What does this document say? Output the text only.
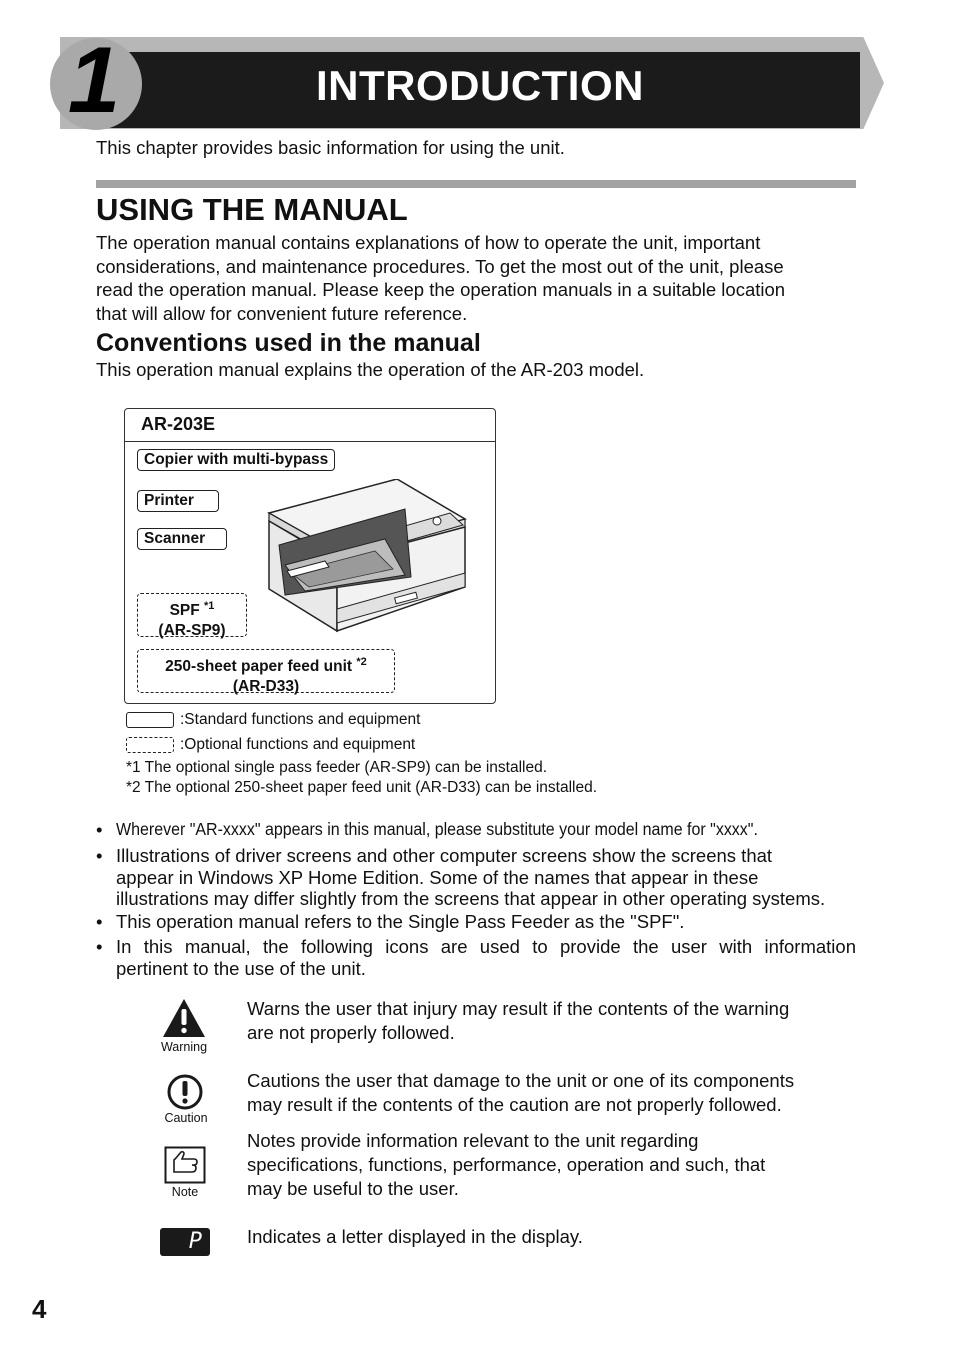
1	INTRODUCTION
This chapter provides basic information for using the unit.
USING THE MANUAL
The operation manual contains explanations of how to operate the unit, important
considerations, and maintenance procedures. To get the most out of the unit, please
read the operation manual. Please keep the operation manuals in a suitable location
that will allow for convenient future reference.
Conventions used in the manual
This operation manual explains the operation of the AR-203 model.
AR-203E
Copier with multi-bypass
Printer
Scanner
SPF $^{*1}$
(AR-SP9)
250-sheet paper feed unit $^{*2}$
(AR-D33)
:Standard functions and equipment
:Optional functions and equipment
*1 The optional single pass feeder (AR-SP9) can be installed.
*2 The optional 250-sheet paper feed unit (AR-D33) can be installed.
• Wherever "AR-xxxx" appears in this manual, please substitute your model name for "xxxx".
• Illustrations of driver screens and other computer screens show the screens that
appear in Windows XP Home Edition. Some of the names that appear in these
illustrations may differ slightly from the screens that appear in other operating systems.
• This operation manual refers to the Single Pass Feeder as the "SPF".
• In this manual, the following icons are used to provide the user with information
pertinent to the use of the unit.
Warning
Warns the user that injury may result if the contents of the warning
are not properly followed.
Caution
Cautions the user that damage to the unit or one of its components
may result if the contents of the caution are not properly followed.
Note
Notes provide information relevant to the unit regarding
specifications, functions, performance, operation and such, that
may be useful to the user.
P Indicates a letter displayed in the display.
4
